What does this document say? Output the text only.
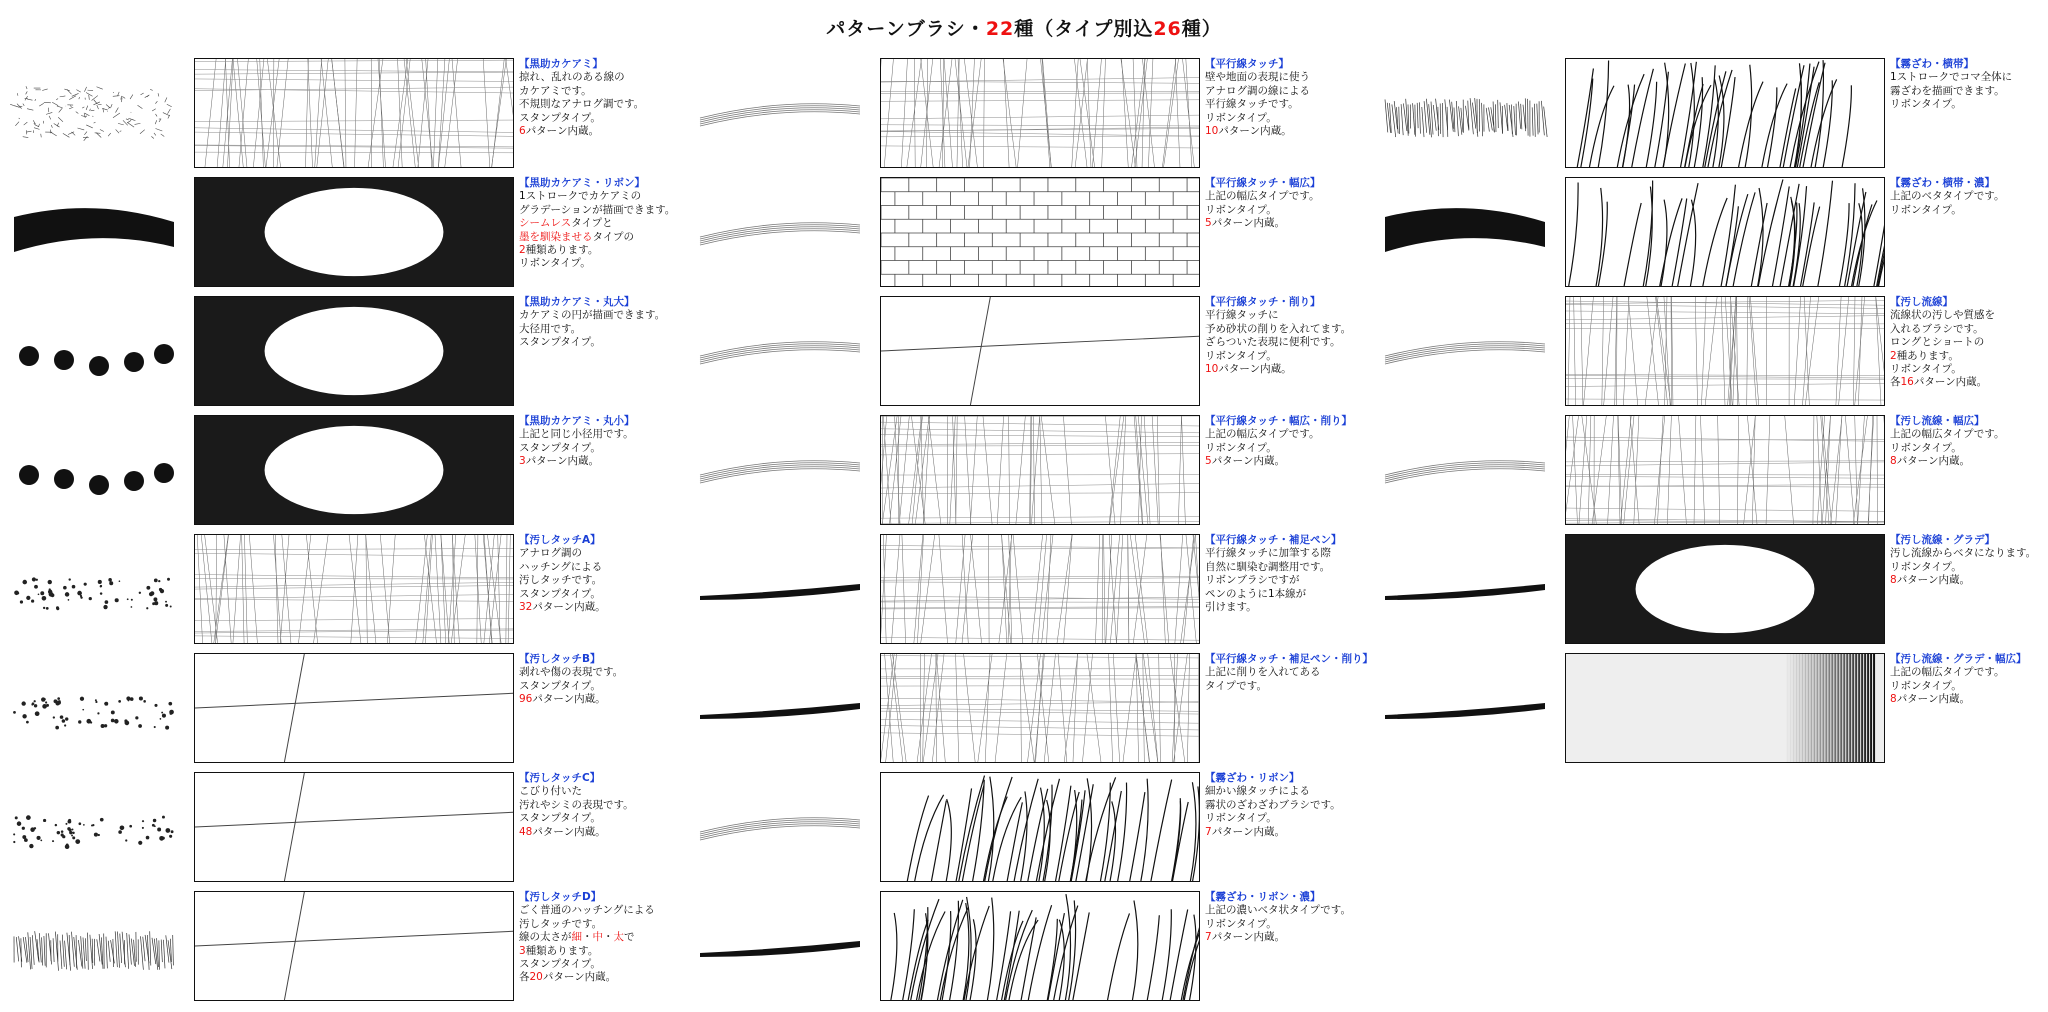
パターンブラシ・22種（タイプ別込26種）
【黒助カケアミ】
掠れ、乱れのある線の
カケアミです。
不規則なアナログ調です。
スタンプタイプ。
6パターン内蔵。
【黒助カケアミ・リボン】
1ストロークでカケアミの
グラデーションが描画できます。
シームレスタイプと
墨を馴染ませるタイプの
2種類あります。
リボンタイプ。
【黒助カケアミ・丸大】
カケアミの円が描画できます。
大径用です。
スタンプタイプ。
【黒助カケアミ・丸小】
上記と同じ小径用です。
スタンプタイプ。
3パターン内蔵。
【汚しタッチA】
アナログ調の
ハッチングによる
汚しタッチです。
スタンプタイプ。
32パターン内蔵。
【汚しタッチB】
剥れや傷の表現です。
スタンプタイプ。
96パターン内蔵。
【汚しタッチC】
こびり付いた
汚れやシミの表現です。
スタンプタイプ。
48パターン内蔵。
【汚しタッチD】
ごく普通のハッチングによる
汚しタッチです。
線の太さが細・中・太で
3種類あります。
スタンプタイプ。
各20パターン内蔵。
【平行線タッチ】
壁や地面の表現に使う
アナログ調の線による
平行線タッチです。
リボンタイプ。
10パターン内蔵。
【平行線タッチ・幅広】
上記の幅広タイプです。
リボンタイプ。
5パターン内蔵。
【平行線タッチ・削り】
平行線タッチに
予め砂状の削りを入れてます。
ざらついた表現に便利です。
リボンタイプ。
10パターン内蔵。
【平行線タッチ・幅広・削り】
上記の幅広タイプです。
リボンタイプ。
5パターン内蔵。
【平行線タッチ・補足ペン】
平行線タッチに加筆する際
自然に馴染む調整用です。
リボンブラシですが
ペンのように1本線が
引けます。
【平行線タッチ・補足ペン・削り】
上記に削りを入れてある
タイプです。
【霧ざわ・リボン】
細かい線タッチによる
霧状のざわざわブラシです。
リボンタイプ。
7パターン内蔵。
【霧ざわ・リボン・濃】
上記の濃いベタ状タイプです。
リボンタイプ。
7パターン内蔵。
【霧ざわ・横帯】
1ストロークでコマ全体に
霧ざわを描画できます。
リボンタイプ。
【霧ざわ・横帯・濃】
上記のベタタイプです。
リボンタイプ。
【汚し流線】
流線状の汚しや質感を
入れるブラシです。
ロングとショートの
2種あります。
リボンタイプ。
各16パターン内蔵。
【汚し流線・幅広】
上記の幅広タイプです。
リボンタイプ。
8パターン内蔵。
【汚し流線・グラデ】
汚し流線からベタになります。
リボンタイプ。
8パターン内蔵。
【汚し流線・グラデ・幅広】
上記の幅広タイプです。
リボンタイプ。
8パターン内蔵。
